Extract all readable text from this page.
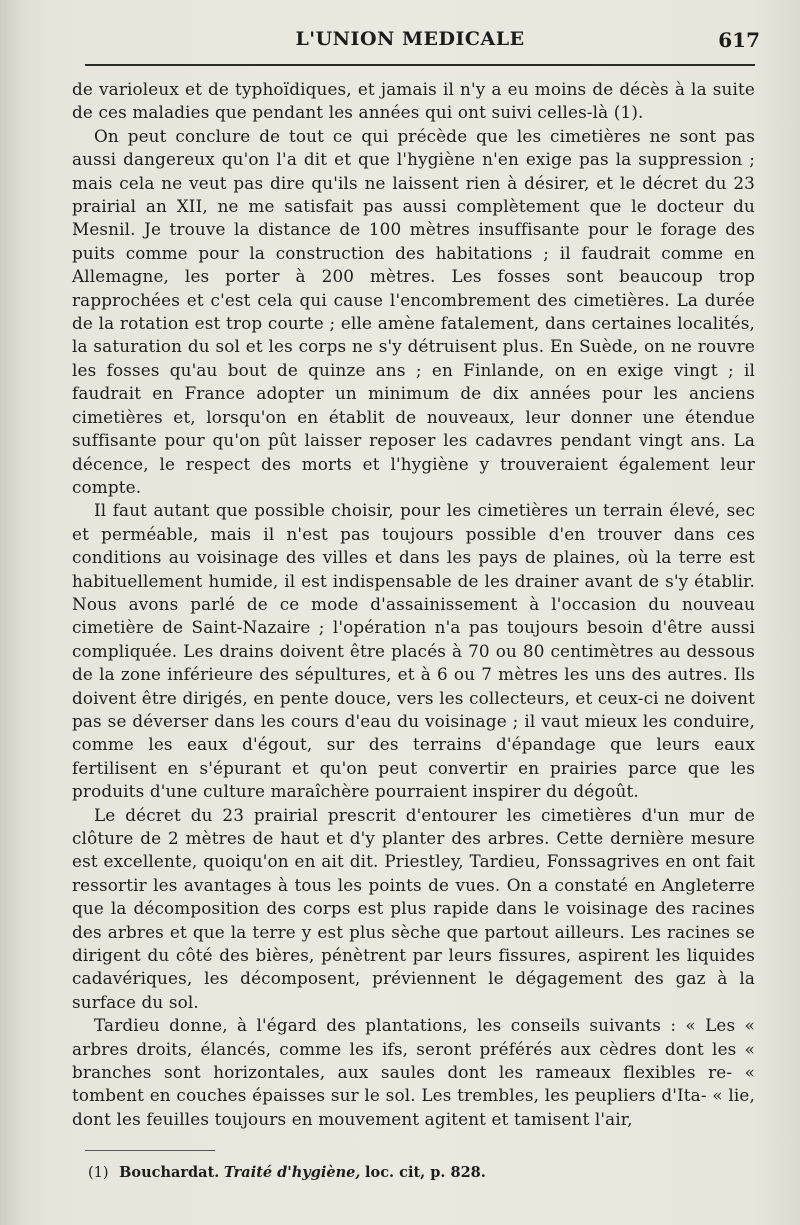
L'UNION MEDICALE	617

de varioleux et de typhoïdiques, et jamais il n'y a eu moins de décès à la suite de ces maladies que pendant les années qui ont suivi celles-là (1).

On peut conclure de tout ce qui précède que les cimetières ne sont pas aussi dangereux qu'on l'a dit et que l'hygiène n'en exige pas la suppression ; mais cela ne veut pas dire qu'ils ne laissent rien à désirer, et le décret du 23 prairial an XII, ne me satisfait pas aussi complètement que le docteur du Mesnil. Je trouve la distance de 100 mètres insuffisante pour le forage des puits comme pour la construction des habitations ; il faudrait comme en Allemagne, les porter à 200 mètres. Les fosses sont beaucoup trop rapprochées et c'est cela qui cause l'encombrement des cimetières. La durée de la rotation est trop courte ; elle amène fatalement, dans certaines localités, la saturation du sol et les corps ne s'y détruisent plus. En Suède, on ne rouvre les fosses qu'au bout de quinze ans ; en Finlande, on en exige vingt ; il faudrait en France adopter un minimum de dix années pour les anciens cimetières et, lorsqu'on en établit de nouveaux, leur donner une étendue suffisante pour qu'on pût laisser reposer les cadavres pendant vingt ans. La décence, le respect des morts et l'hygiène y trouveraient également leur compte.

Il faut autant que possible choisir, pour les cimetières un terrain élevé, sec et perméable, mais il n'est pas toujours possible d'en trouver dans ces conditions au voisinage des villes et dans les pays de plaines, où la terre est habituellement humide, il est indispensable de les drainer avant de s'y établir. Nous avons parlé de ce mode d'assainissement à l'occasion du nouveau cimetière de Saint-Nazaire ; l'opération n'a pas toujours besoin d'être aussi compliquée. Les drains doivent être placés à 70 ou 80 centimètres au dessous de la zone inférieure des sépultures, et à 6 ou 7 mètres les uns des autres. Ils doivent être dirigés, en pente douce, vers les collecteurs, et ceux-ci ne doivent pas se déverser dans les cours d'eau du voisinage ; il vaut mieux les conduire, comme les eaux d'égout, sur des terrains d'épandage que leurs eaux fertilisent en s'épurant et qu'on peut convertir en prairies parce que les produits d'une culture maraîchère pourraient inspirer du dégoût.

Le décret du 23 prairial prescrit d'entourer les cimetières d'un mur de clôture de 2 mètres de haut et d'y planter des arbres. Cette dernière mesure est excellente, quoiqu'on en ait dit. Priestley, Tardieu, Fonssagrives en ont fait ressortir les avantages à tous les points de vues. On a constaté en Angleterre que la décomposition des corps est plus rapide dans le voisinage des racines des arbres et que la terre y est plus sèche que partout ailleurs. Les racines se dirigent du côté des bières, pénètrent par leurs fissures, aspirent les liquides cadavériques, les décomposent, préviennent le dégagement des gaz à la surface du sol.

Tardieu donne, à l'égard des plantations, les conseils suivants : « Les « arbres droits, élancés, comme les ifs, seront préférés aux cèdres dont les « branches sont horizontales, aux saules dont les rameaux flexibles re- « tombent en couches épaisses sur le sol. Les trembles, les peupliers d'Ita- « lie, dont les feuilles toujours en mouvement agitent et tamisent l'air,

(1) Bouchardat. Traité d'hygiène, loc. cit, p. 828.
